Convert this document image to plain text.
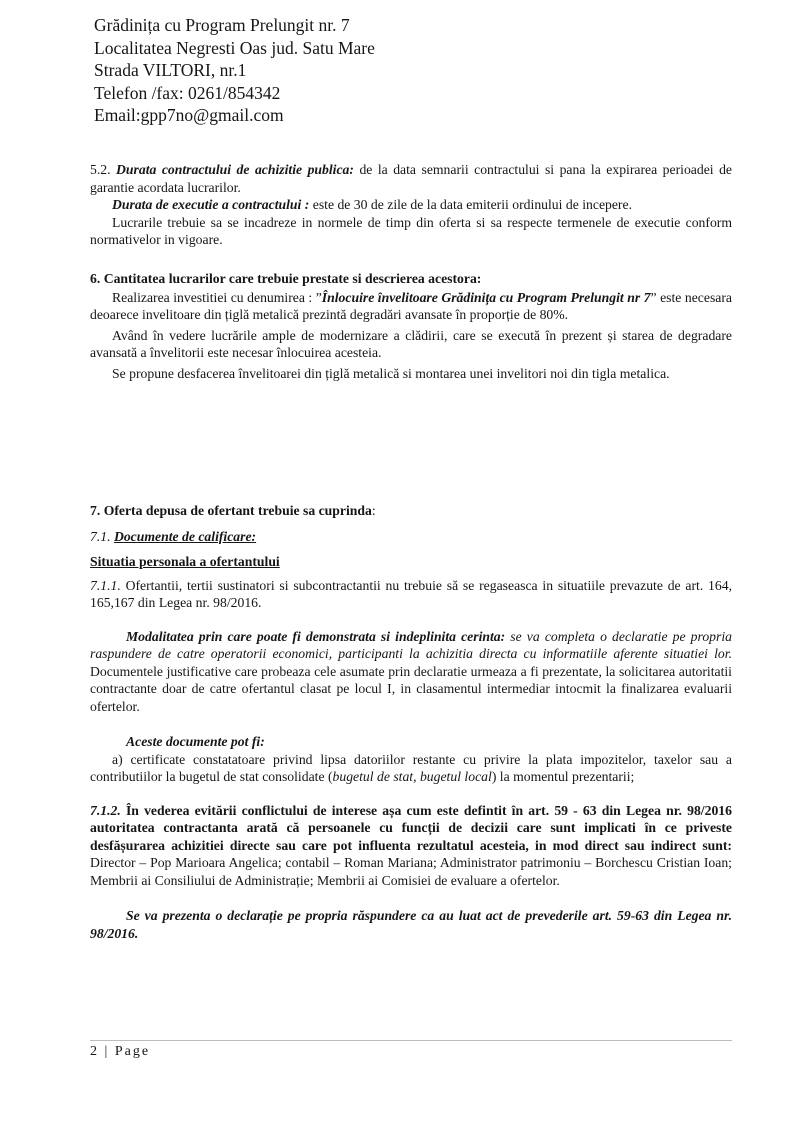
Grădinița cu Program Prelungit nr. 7
Localitatea Negresti Oas jud. Satu Mare
Strada VILTORI, nr.1
Telefon /fax: 0261/854342
Email:gpp7no@gmail.com

5.2. Durata contractului de achizitie publica: de la data semnarii contractului si pana la expirarea perioadei de garantie acordata lucrarilor.

Durata de executie a contractului : este de 30 de zile de la data emiterii ordinului de incepere.

Lucrarile trebuie sa se incadreze in normele de timp din oferta si sa respecte termenele de executie conform normativelor in vigoare.

6. Cantitatea lucrarilor care trebuie prestate si descrierea acestora:

Realizarea investitiei cu denumirea : ”Înlocuire învelitoare Grădinița cu Program Prelungit nr 7” este necesara deoarece invelitoare din țiglă metalică prezintă degradări avansate în proporție de 80%.

Având în vedere lucrările ample de modernizare a clădirii, care se execută în prezent și starea de degradare avansată a învelitorii este necesar înlocuirea acesteia.

Se propune desfacerea învelitoarei din țiglă metalică si montarea unei invelitori noi din tigla metalica.

7. Oferta depusa de ofertant trebuie sa cuprinda:

7.1. Documente de calificare:

Situatia personala a ofertantului

7.1.1. Ofertantii, tertii sustinatori si subcontractantii nu trebuie să se regaseasca in situatiile prevazute de art. 164, 165,167 din Legea nr. 98/2016.

Modalitatea prin care poate fi demonstrata si indeplinita cerinta: se va completa o declaratie pe propria raspundere de catre operatorii economici, participanti la achizitia directa cu informatiile aferente situatiei lor. Documentele justificative care probeaza cele asumate prin declaratie urmeaza a fi prezentate, la solicitarea autoritatii contractante doar de catre ofertantul clasat pe locul I, in clasamentul intermediar intocmit la finalizarea evaluarii ofertelor.

Aceste documente pot fi:

a) certificate constatatoare privind lipsa datoriilor restante cu privire la plata impozitelor, taxelor sau a contributiilor la bugetul de stat consolidate (bugetul de stat, bugetul local) la momentul prezentarii;

7.1.2. În vederea evitării conflictului de interese așa cum este defintit în art. 59 - 63 din Legea nr. 98/2016 autoritatea contractanta arată că persoanele cu funcții de decizii care sunt implicati în ce priveste desfășurarea achizitiei directe sau care pot influenta rezultatul acesteia, in mod direct sau indirect sunt: Director – Pop Marioara Angelica; contabil – Roman Mariana; Administrator patrimoniu – Borchescu Cristian Ioan; Membrii ai Consiliului de Administrație; Membrii ai Comisiei de evaluare a ofertelor.

Se va prezenta o declarație pe propria răspundere ca au luat act de prevederile art. 59-63 din Legea nr. 98/2016.

2 | Page
